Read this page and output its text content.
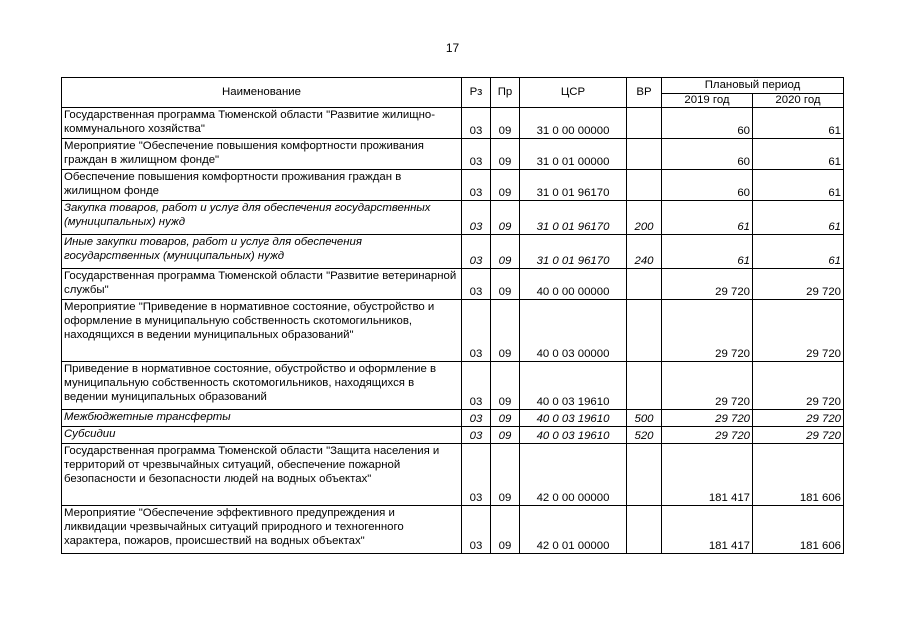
17
Наименование	Рз	Пр	ЦСР	ВР	Плановый период	
					2019 год	2020 год
Государственная программа Тюменской области "Развитие жилищно-коммунального хозяйства"	03	09	31 0 00 00000		60	61
Мероприятие "Обеспечение повышения комфортности проживания граждан в жилищном фонде"	03	09	31 0 01 00000		60	61
Обеспечение повышения комфортности проживания граждан в жилищном фонде	03	09	31 0 01 96170		60	61
Закупка товаров, работ и услуг для обеспечения государственных (муниципальных) нужд	03	09	31 0 01 96170	200	61	61
Иные закупки товаров, работ и услуг для обеспечения государственных (муниципальных) нужд	03	09	31 0 01 96170	240	61	61
Государственная программа Тюменской области "Развитие ветеринарной службы"	03	09	40 0 00 00000		29 720	29 720
Мероприятие "Приведение в нормативное состояние, обустройство и оформление в муниципальную собственность скотомогильников, находящихся в ведении муниципальных образований"	03	09	40 0 03 00000		29 720	29 720
Приведение в нормативное состояние, обустройство и оформление в муниципальную собственность скотомогильников, находящихся в ведении муниципальных образований	03	09	40 0 03 19610		29 720	29 720
Межбюджетные трансферты	03	09	40 0 03 19610	500	29 720	29 720
Субсидии	03	09	40 0 03 19610	520	29 720	29 720
Государственная программа Тюменской области "Защита населения и территорий от чрезвычайных ситуаций, обеспечение пожарной безопасности и безопасности людей на водных объектах"	03	09	42 0 00 00000		181 417	181 606
Мероприятие "Обеспечение эффективного предупреждения и ликвидации чрезвычайных ситуаций природного и техногенного характера, пожаров, происшествий на водных объектах"	03	09	42 0 01 00000		181 417	181 606
